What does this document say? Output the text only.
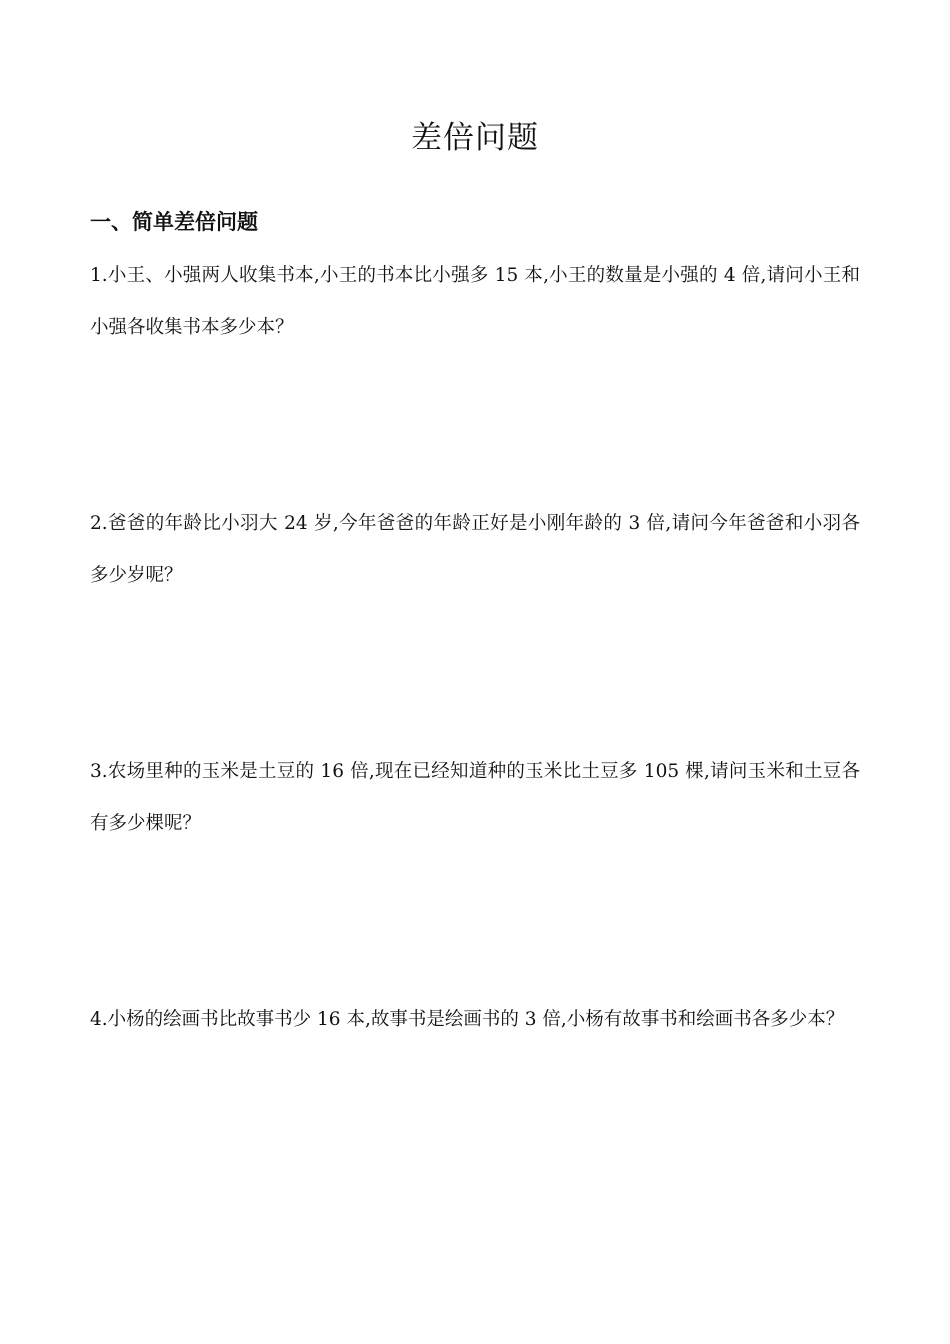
差倍问题
一、简单差倍问题

1.小王、小强两人收集书本,小王的书本比小强多 15 本,小王的数量是小强的 4 倍,请问小王和小强各收集书本多少本？

2.爸爸的年龄比小羽大 24 岁,今年爸爸的年龄正好是小刚年龄的 3 倍,请问今年爸爸和小羽各多少岁呢？

3.农场里种的玉米是土豆的 16 倍,现在已经知道种的玉米比土豆多 105 棵,请问玉米和土豆各有多少棵呢？

4.小杨的绘画书比故事书少 16 本,故事书是绘画书的 3 倍,小杨有故事书和绘画书各多少本？
